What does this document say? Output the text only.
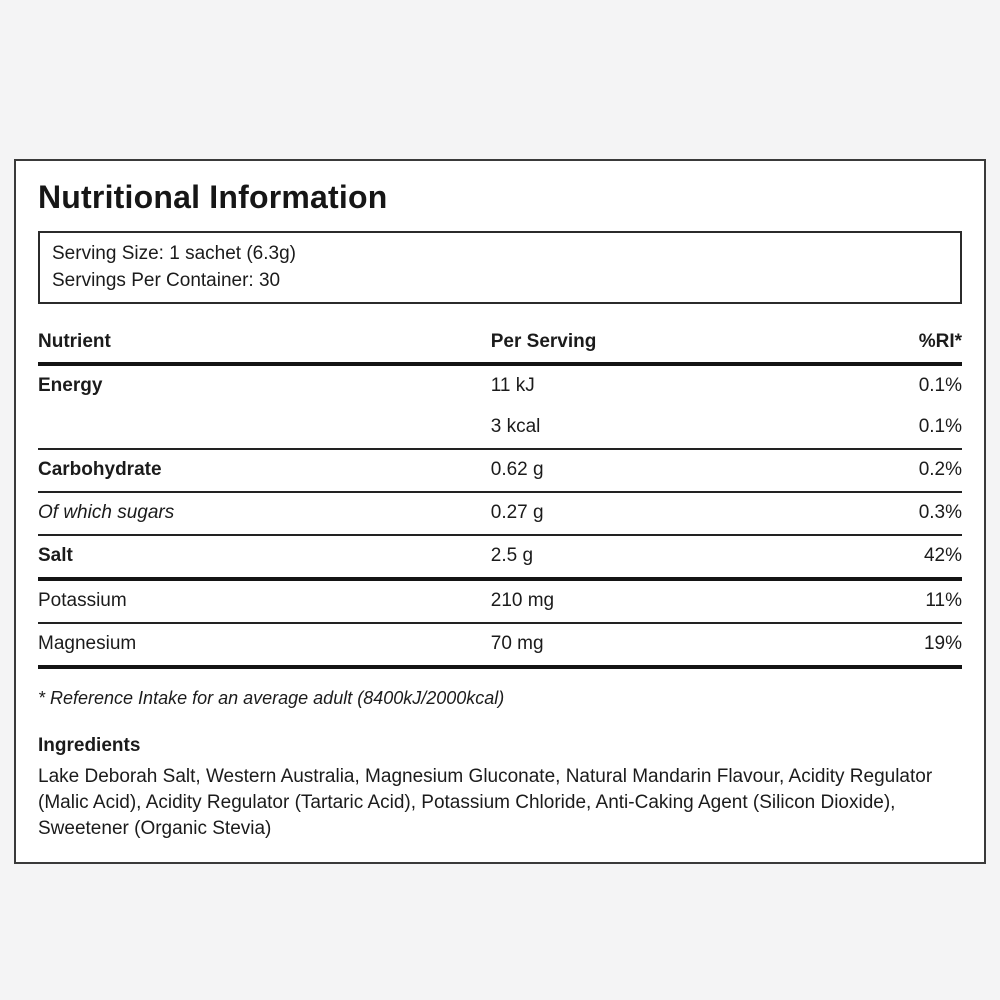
Nutritional Information
Serving Size: 1 sachet (6.3g)
Servings Per Container: 30
Nutrient	Per Serving	%RI*
Energy	11 kJ	0.1%
	3 kcal	0.1%
Carbohydrate	0.62 g	0.2%
Of which sugars	0.27 g	0.3%
Salt	2.5 g	42%
Potassium	210 mg	11%
Magnesium	70 mg	19%
* Reference Intake for an average adult (8400kJ/2000kcal)
Ingredients
Lake Deborah Salt, Western Australia, Magnesium Gluconate, Natural Mandarin Flavour, Acidity Regulator (Malic Acid), Acidity Regulator (Tartaric Acid), Potassium Chloride, Anti-Caking Agent (Silicon Dioxide), Sweetener (Organic Stevia)
